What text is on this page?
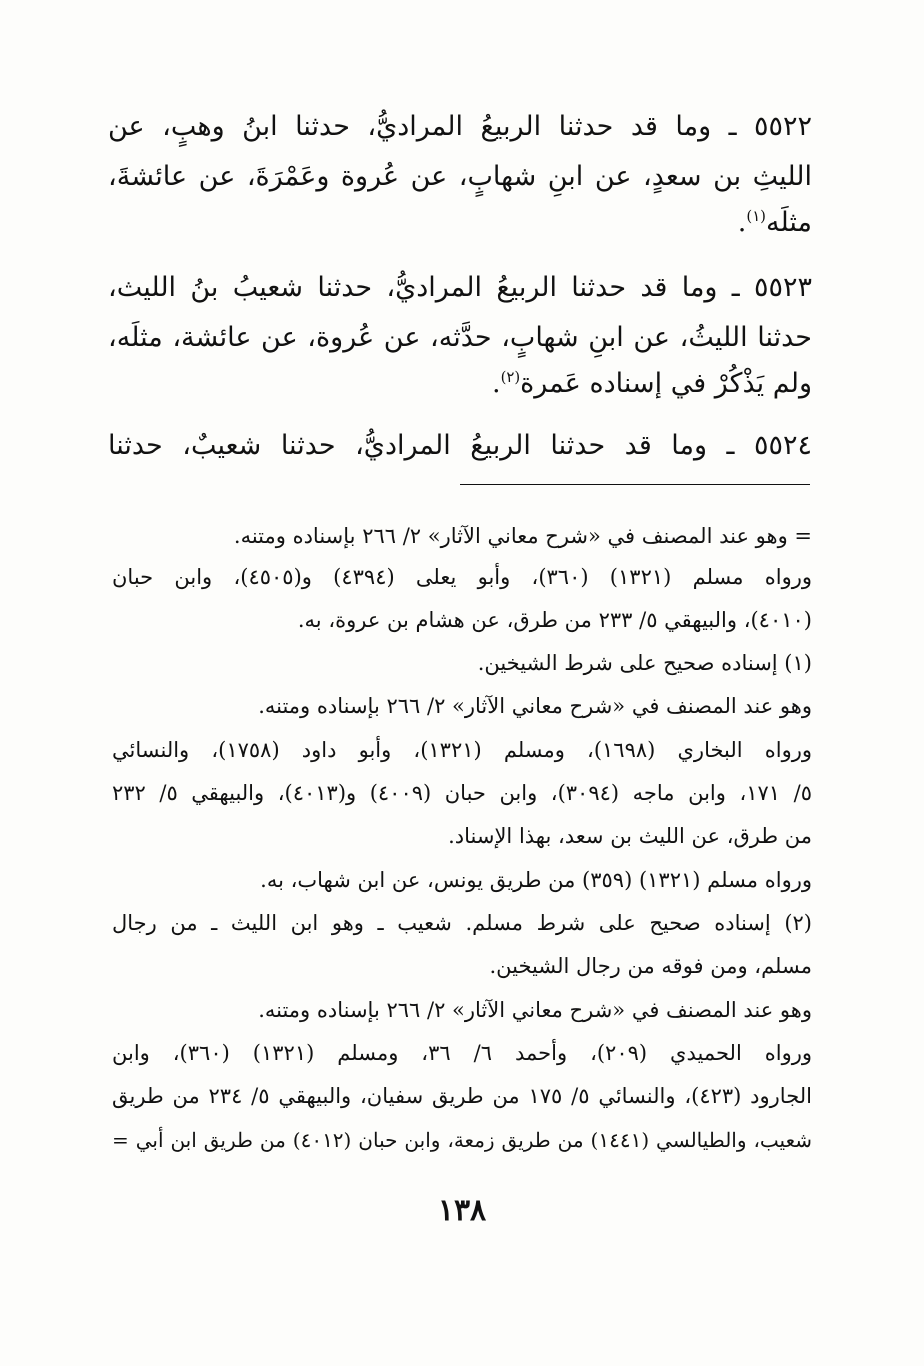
٥٥٢٢ ـ وما قد حدثنا الربيعُ المراديُّ، حدثنا ابنُ وهبٍ، عن
الليثِ بن سعدٍ، عن ابنِ شهابٍ، عن عُروة وعَمْرَةَ، عن عائشةَ،
مثلَه$^{(١)}$.
٥٥٢٣ ـ وما قد حدثنا الربيعُ المراديُّ، حدثنا شعيبُ بنُ الليث،
حدثنا الليثُ، عن ابنِ شهابٍ، حدَّثه، عن عُروة، عن عائشة، مثلَه،
ولم يَذْكُرْ في إسناده عَمرة$^{(٢)}$.
٥٥٢٤ ـ وما قد حدثنا الربيعُ المراديُّ، حدثنا شعيبٌ، حدثنا
= وهو عند المصنف في «شرح معاني الآثار» ٢/ ٢٦٦ بإسناده ومتنه.
ورواه مسلم (١٣٢١) (٣٦٠)، وأبو يعلى (٤٣٩٤) و(٤٥٠٥)، وابن حبان
(٤٠١٠)، والبيهقي ٥/ ٢٣٣ من طرق، عن هشام بن عروة، به.
(١) إسناده صحيح على شرط الشيخين.
وهو عند المصنف في «شرح معاني الآثار» ٢/ ٢٦٦ بإسناده ومتنه.
ورواه البخاري (١٦٩٨)، ومسلم (١٣٢١)، وأبو داود (١٧٥٨)، والنسائي
٥/ ١٧١، وابن ماجه (٣٠٩٤)، وابن حبان (٤٠٠٩) و(٤٠١٣)، والبيهقي ٥/ ٢٣٢
من طرق، عن الليث بن سعد، بهذا الإسناد.
ورواه مسلم (١٣٢١) (٣٥٩) من طريق يونس، عن ابن شهاب، به.
(٢) إسناده صحيح على شرط مسلم. شعيب ـ وهو ابن الليث ـ من رجال
مسلم، ومن فوقه من رجال الشيخين.
وهو عند المصنف في «شرح معاني الآثار» ٢/ ٢٦٦ بإسناده ومتنه.
ورواه الحميدي (٢٠٩)، وأحمد ٦/ ٣٦، ومسلم (١٣٢١) (٣٦٠)، وابن
الجارود (٤٢٣)، والنسائي ٥/ ١٧٥ من طريق سفيان، والبيهقي ٥/ ٢٣٤ من طريق
شعيب، والطيالسي (١٤٤١) من طريق زمعة، وابن حبان (٤٠١٢) من طريق ابن أبي =
١٣٨
